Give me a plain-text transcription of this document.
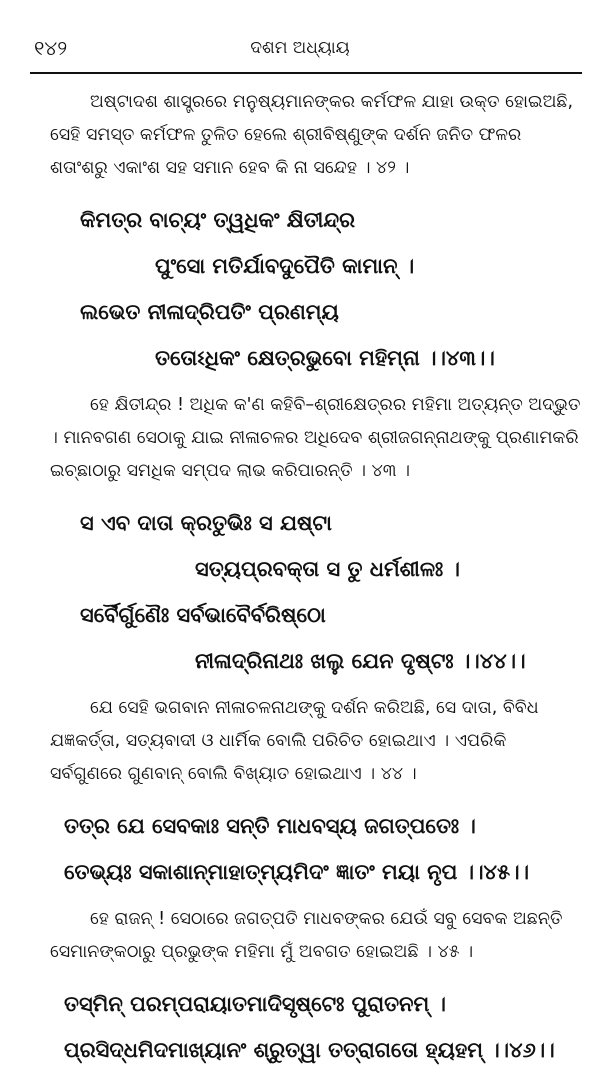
୧୪୨	ଦଶମ ଅଧ୍ୟାୟ

ଅଷ୍ଟାଦଶ ଶାସ୍ତ୍ରରେ ମନୁଷ୍ୟମାନଙ୍କର କର୍ମଫଳ ଯାହା ଉକ୍ତ ହୋଇଅଛି, ସେହି ସମସ୍ତ କର୍ମଫଳ ତୁଳିତ ହେଲେ ଶ୍ରୀବିଷ୍ଣୁଙ୍କ ଦର୍ଶନ ଜନିତ ଫଳର ଶତାଂଶରୁ ଏକାଂଶ ସହ ସମାନ ହେବ କି ନା ସନ୍ଦେହ । ୪୨ ।

କିମତ୍ର ବାଚ୍ୟଂ ତ୍ୱଧିକଂ କ୍ଷିତୀନ୍ଦ୍ର
ପୁଂସୋ ମତିର୍ଯାବଦୁପୈତି କାମାନ୍ ।
ଲଭେତ ନୀଳାଦ୍ରିପତିଂ ପ୍ରଣମ୍ୟ
ତତୋଽଧିକଂ କ୍ଷେତ୍ରଭୁବୋ ମହିମ୍ନା ।।୪୩।।

ହେ କ୍ଷିତୀନ୍ଦ୍ର ! ଅଧିକ କ'ଣ କହିବି–ଶ୍ରୀକ୍ଷେତ୍ରର ମହିମା ଅତ୍ୟନ୍ତ ଅଦ୍ଭୁତ । ମାନବଗଣ ସେଠାକୁ ଯାଇ ନୀଳାଚଳର ଅଧିଦେବ ଶ୍ରୀଜଗନ୍ନାଥଙ୍କୁ ପ୍ରଣାମକରି ଇଚ୍ଛାଠାରୁ ସମଧିକ ସମ୍ପଦ ଲାଭ କରିପାରନ୍ତି । ୪୩ ।

ସ ଏବ ଦାତା କ୍ରତୁଭିଃ ସ ଯଷ୍ଟା
ସତ୍ୟପ୍ରବକ୍ତା ସ ତୁ ଧର୍ମଶୀଳଃ ।
ସର୍ବୈର୍ଗୁଣୈଃ ସର୍ବଭାବୈର୍ବରିଷ୍ଠୋ
ନୀଳାଦ୍ରିନାଥଃ ଖଲୁ ଯେନ ଦୃଷ୍ଟଃ ।।୪୪।।

ଯେ ସେହି ଭଗବାନ ନୀଳାଚଳନାଥଙ୍କୁ ଦର୍ଶନ କରିଅଛି, ସେ ଦାତା, ବିବିଧ ଯଜ୍ଞକର୍ତ୍ତା, ସତ୍ୟବାଦୀ ଓ ଧାର୍ମିକ ବୋଲି ପରିଚିତ ହୋଇଥାଏ । ଏପରିକି ସର୍ବଗୁଣରେ ଗୁଣବାନ୍ ବୋଲି ବିଖ୍ୟାତ ହୋଇଥାଏ । ୪୪ ।

ତତ୍ର ଯେ ସେବକାଃ ସନ୍ତି ମାଧବସ୍ୟ ଜଗତ୍ପତେଃ ।
ତେଭ୍ୟଃ ସକାଶାନ୍ମାହାତ୍ମ୍ୟମିଦଂ ଜ୍ଞାତଂ ମୟା ନୃପ ।।୪୫।।

ହେ ରାଜନ୍ ! ସେଠାରେ ଜଗତ୍ପତି ମାଧବଙ୍କର ଯେଉଁ ସବୁ ସେବକ ଅଛନ୍ତି ସେମାନଙ୍କଠାରୁ ପ୍ରଭୁଙ୍କ ମହିମା ମୁଁ ଅବଗତ ହୋଇଅଛି । ୪୫ ।

ତସ୍ମିନ୍ ପରମ୍ପରାୟାତମାଦିସୃଷ୍ଟେଃ ପୁରାତନମ୍ ।
ପ୍ରସିଦ୍ଧମିଦମାଖ୍ୟାନଂ ଶ୍ରୁତ୍ୱା ତତ୍ରାଗତୋ ହ୍ୟହମ୍ ।।୪୬।।
